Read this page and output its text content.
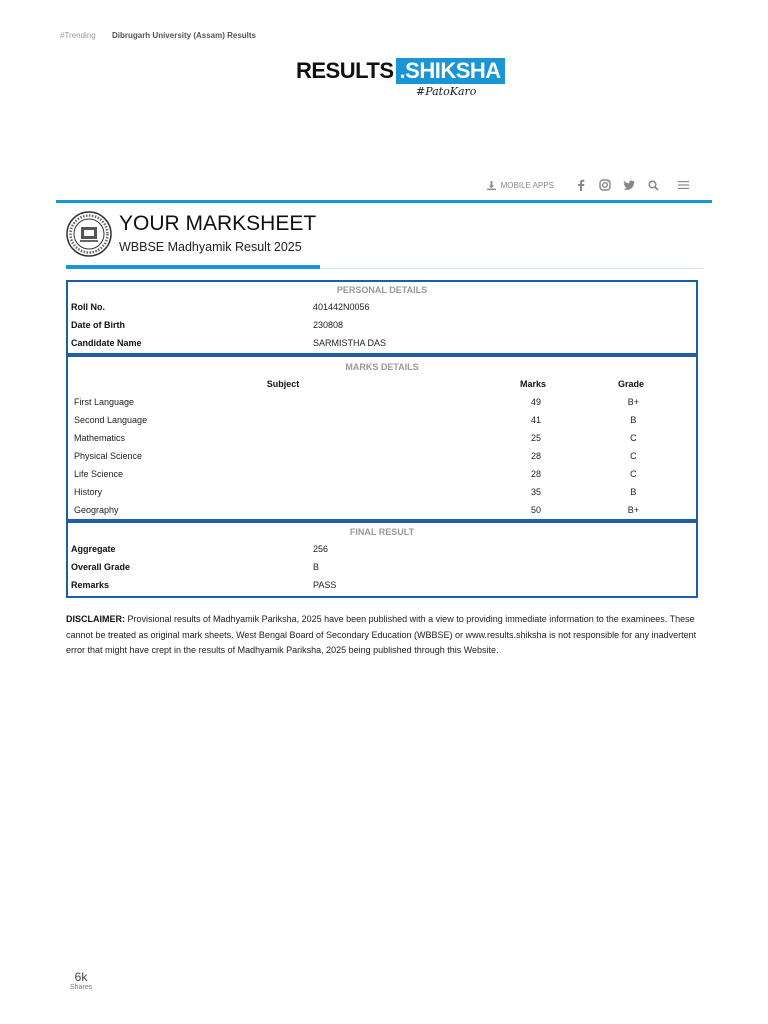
#Trending Dibrugarh University (Assam) Results
RESULTS .SHIKSHA
#PatoKaro
MOBILE APPS
YOUR MARKSHEET
WBBSE Madhyamik Result 2025
PERSONAL DETAILS
Roll No.	401442N0056
Date of Birth	230808
Candidate Name	SARMISTHA DAS
MARKS DETAILS
Subject	Marks	Grade
First Language	49	B+
Second Language	41	B
Mathematics	25	C
Physical Science	28	C
Life Science	28	C
History	35	B
Geography	50	B+
FINAL RESULT
Aggregate	256
Overall Grade	B
Remarks	PASS
DISCLAIMER: Provisional results of Madhyamik Pariksha, 2025 have been published with a view to providing immediate information to the examinees. These cannot be treated as original mark sheets. West Bengal Board of Secondary Education (WBBSE) or www.results.shiksha is not responsible for any inadvertent error that might have crept in the results of Madhyamik Pariksha, 2025 being published through this Website.
6k
Shares
